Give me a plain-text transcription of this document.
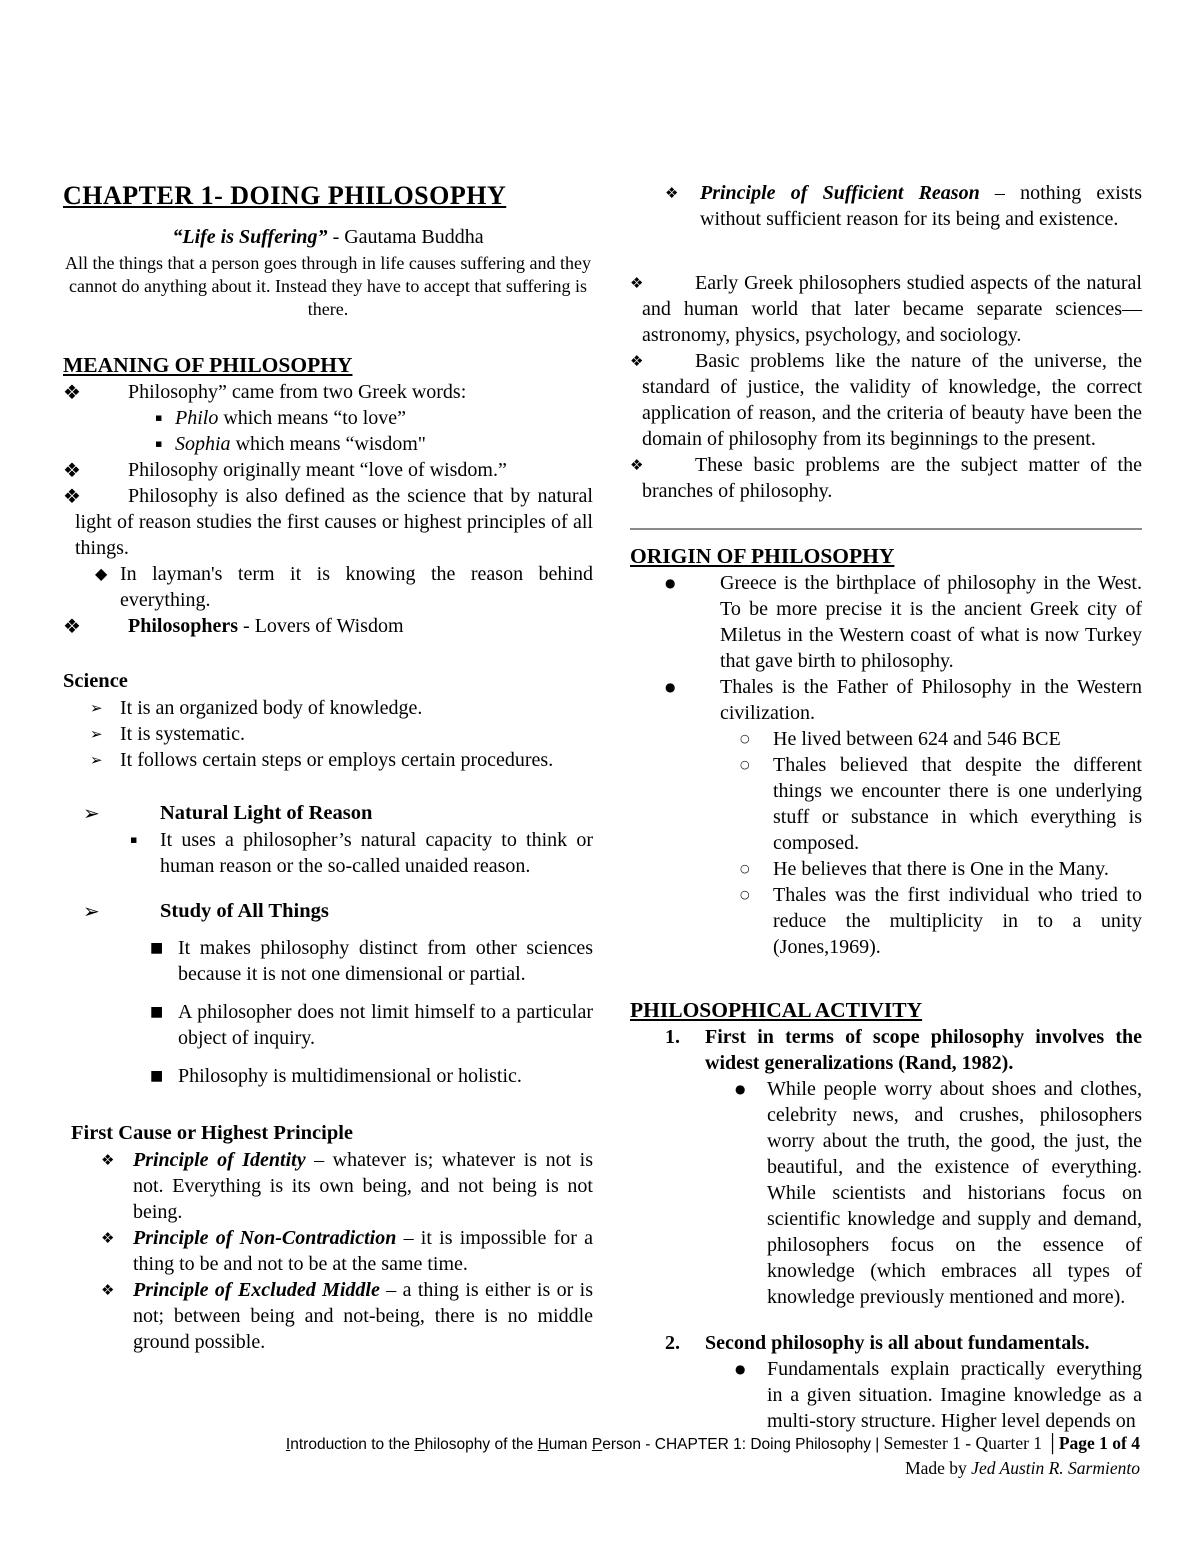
CHAPTER 1- DOING PHILOSOPHY

“Life is Suffering” - Gautama Buddha

All the things that a person goes through in life causes suffering and they cannot do anything about it. Instead they have to accept that suffering is there.

MEANING OF PHILOSOPHY

❖ Philosophy” came from two Greek words:

▪ Philo which means “to love”
▪ Sophia which means “wisdom"

❖ Philosophy originally meant “love of wisdom.”

❖ Philosophy is also defined as the science that by natural light of reason studies the first causes or highest principles of all things.

◆ In layman's term it is knowing the reason behind everything.

❖ Philosophers - Lovers of Wisdom

Science
➢ It is an organized body of knowledge.
➢ It is systematic.
➢ It follows certain steps or employs certain procedures.
➢	Natural Light of Reason
▪	It uses a philosopher’s natural capacity to think or human reason or the so-called unaided reason.
➢	Study of All Things
■ It makes philosophy distinct from other sciences because it is not one dimensional or partial.
■ A philosopher does not limit himself to a particular object of inquiry.
■ Philosophy is multidimensional or holistic.
First Cause or Highest Principle
❖ Principle of Identity – whatever is; whatever is not is not. Everything is its own being, and not being is not being.
❖ Principle of Non-Contradiction – it is impossible for a thing to be and not to be at the same time.
❖ Principle of Excluded Middle – a thing is either is or is not; between being and not-being, there is no middle ground possible.
❖	Principle of Sufficient Reason – nothing exists without sufficient reason for its being and existence.

❖	Early Greek philosophers studied aspects of the natural and human world that later became separate sciences—astronomy, physics, psychology, and sociology.

❖	Basic problems like the nature of the universe, the standard of justice, the validity of knowledge, the correct application of reason, and the criteria of beauty have been the domain of philosophy from its beginnings to the present.

❖	These basic problems are the subject matter of the branches of philosophy.

ORIGIN OF PHILOSOPHY
●	Greece is the birthplace of philosophy in the West. To be more precise it is the ancient Greek city of Miletus in the Western coast of what is now Turkey that gave birth to philosophy.
●	Thales is the Father of Philosophy in the Western civilization.
○	He lived between 624 and 546 BCE
○	Thales believed that despite the different things we encounter there is one underlying stuff or substance in which everything is composed.
○	He believes that there is One in the Many.
○	Thales was the first individual who tried to reduce the multiplicity in to a unity (Jones,1969).
PHILOSOPHICAL ACTIVITY
1.	First in terms of scope philosophy involves the widest generalizations (Rand, 1982).
●	While people worry about shoes and clothes, celebrity news, and crushes, philosophers worry about the truth, the good, the just, the beautiful, and the existence of everything. While scientists and historians focus on scientific knowledge and supply and demand, philosophers focus on the essence of knowledge (which embraces all types of knowledge previously mentioned and more).
2.	Second philosophy is all about fundamentals.
●	Fundamentals explain practically everything in a given situation. Imagine knowledge as a multi-story structure. Higher level depends on
Introduction to the Philosophy of the Human Person - CHAPTER 1: Doing Philosophy | Semester 1 - Quarter 1 │Page 1 of 4
Made by Jed Austin R. Sarmiento
